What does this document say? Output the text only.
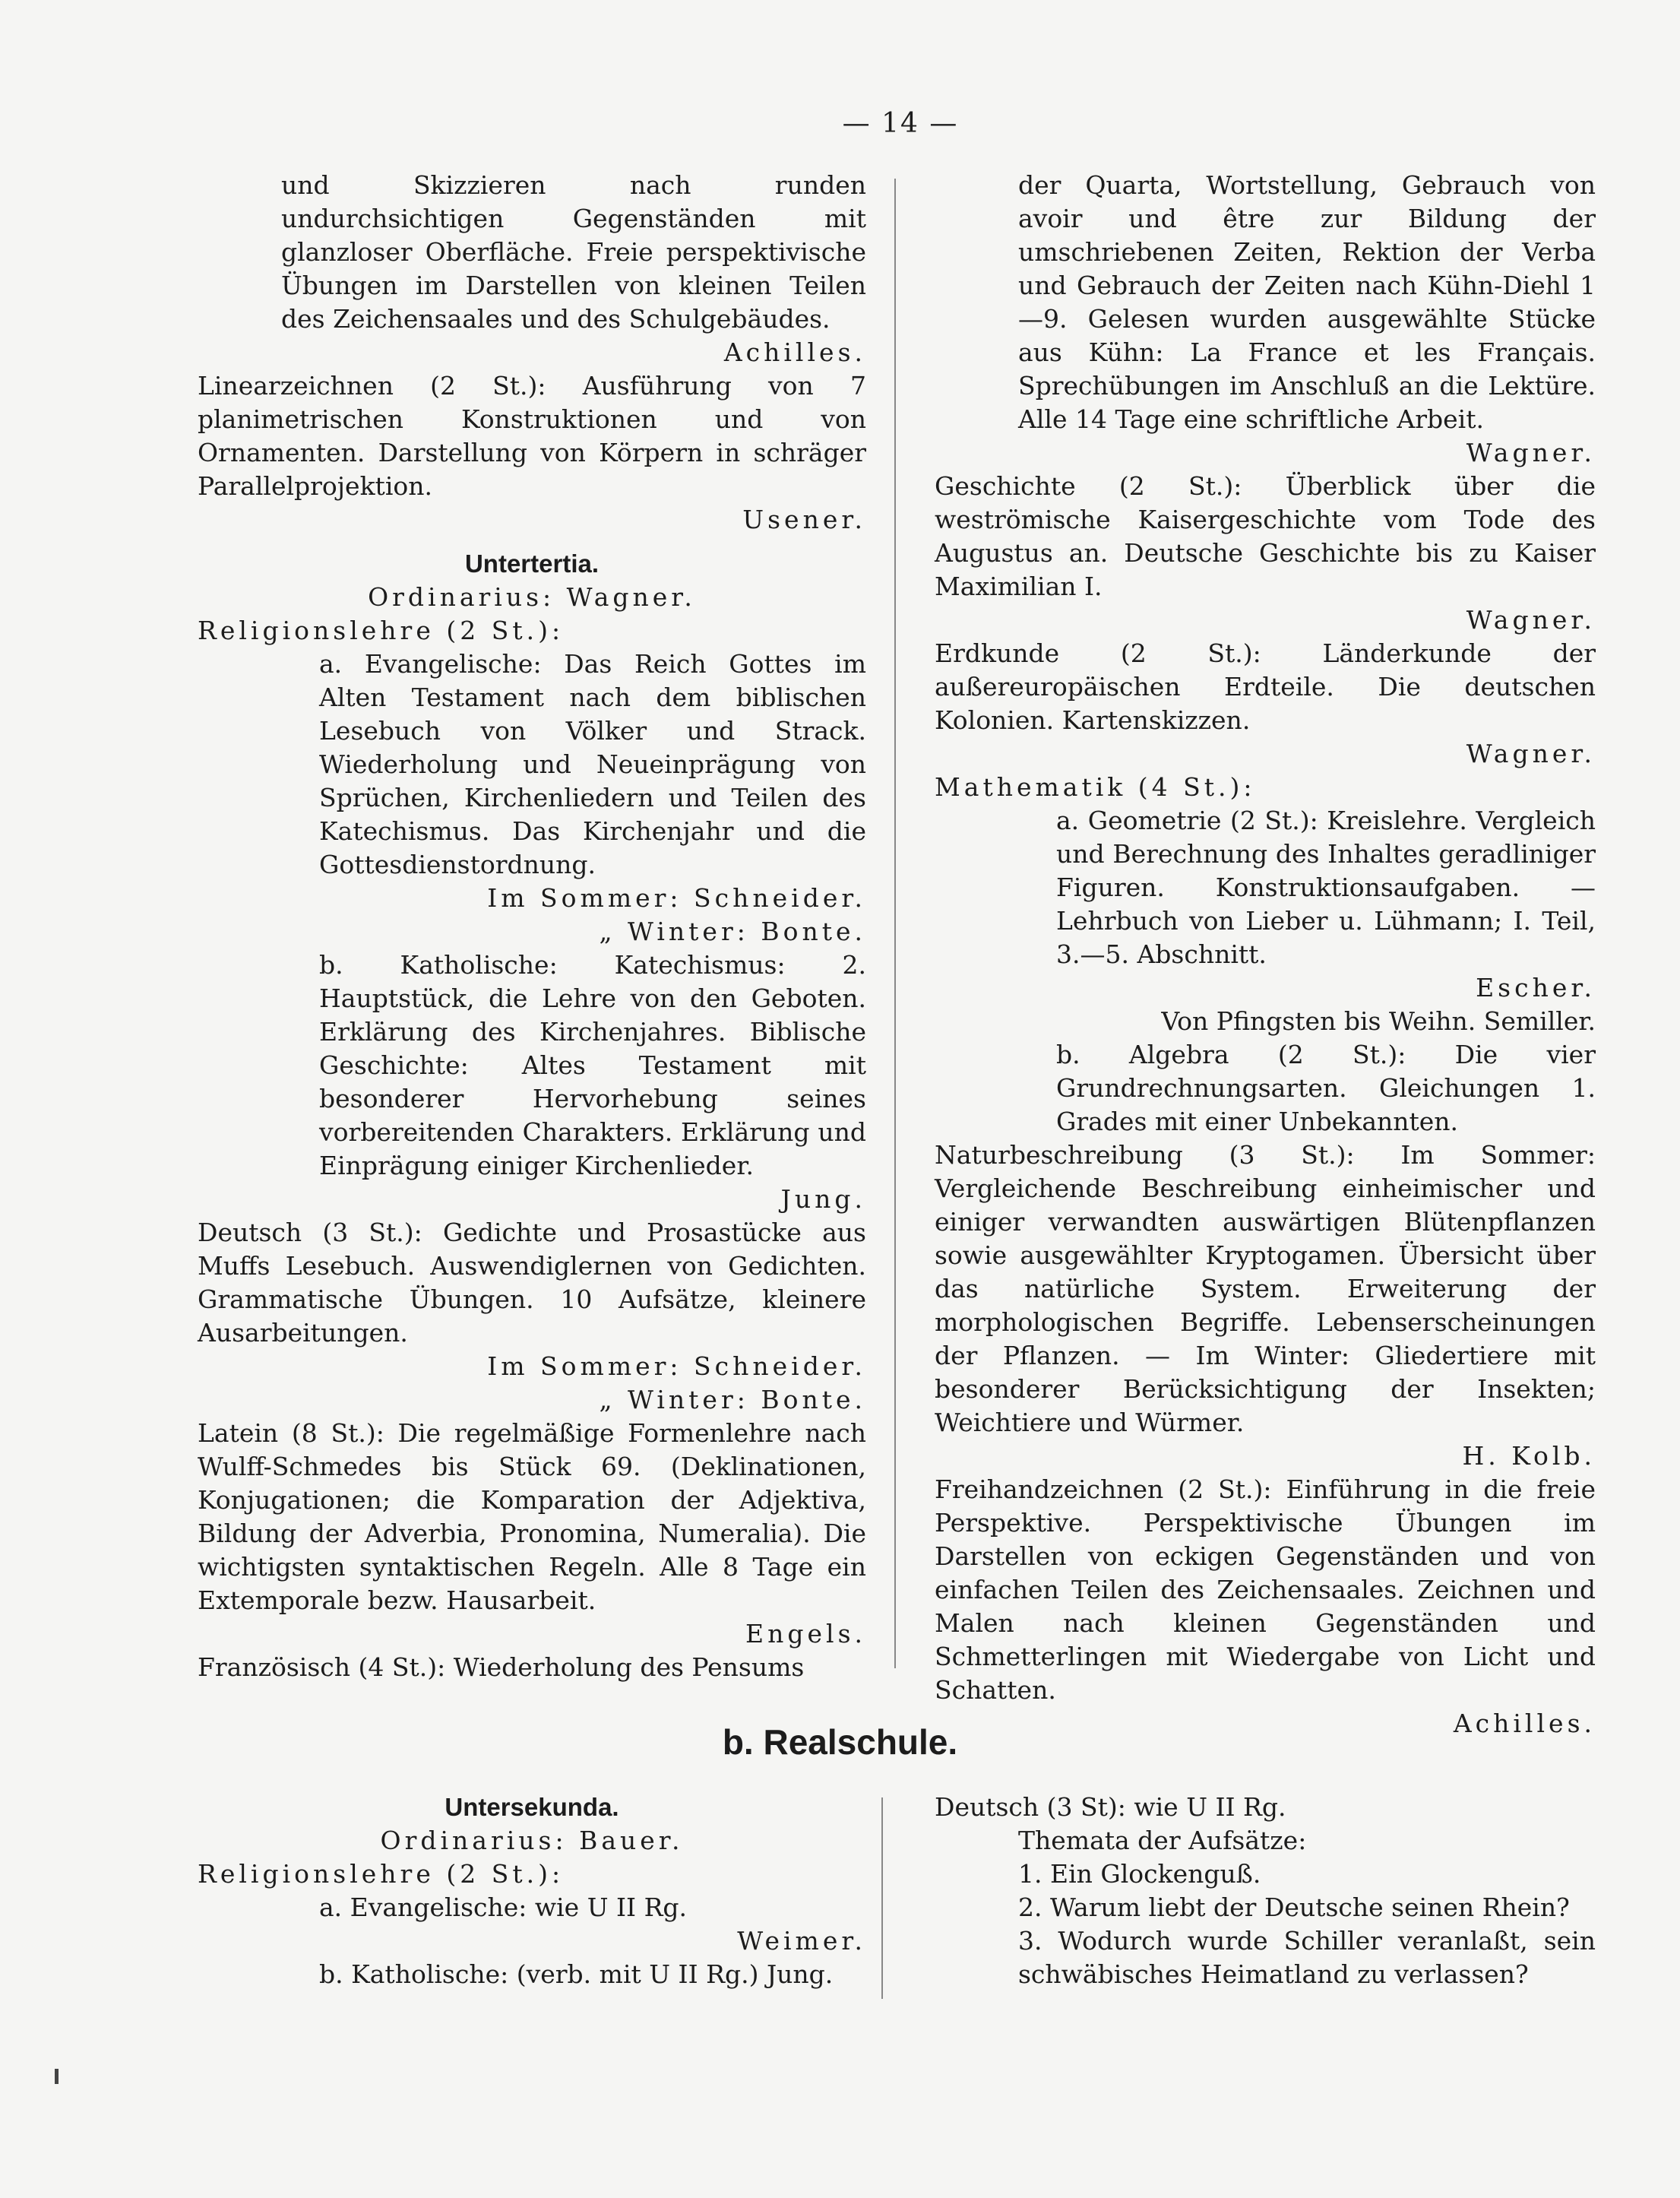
— 14 —

und Skizzieren nach runden undurchsichtigen Gegenständen mit glanzloser Oberfläche. Freie perspektivische Übungen im Darstellen von kleinen Teilen des Zeichensaales und des Schulgebäudes.

Achilles.

Linearzeichnen (2 St.): Ausführung von 7 planimetrischen Konstruktionen und von Ornamenten. Darstellung von Körpern in schräger Parallelprojektion.

Usener.

Untertertia.

Ordinarius: Wagner.

Religionslehre (2 St.):

a. Evangelische: Das Reich Gottes im Alten Testament nach dem biblischen Lesebuch von Völker und Strack. Wiederholung und Neueinprägung von Sprüchen, Kirchenliedern und Teilen des Katechismus. Das Kirchenjahr und die Gottesdienstordnung.

Im Sommer: Schneider.

„ Winter: Bonte.

b. Katholische: Katechismus: 2. Hauptstück, die Lehre von den Geboten. Erklärung des Kirchenjahres. Biblische Geschichte: Altes Testament mit besonderer Hervorhebung seines vorbereitenden Charakters. Erklärung und Einprägung einiger Kirchenlieder.

Jung.

Deutsch (3 St.): Gedichte und Prosastücke aus Muffs Lesebuch. Auswendiglernen von Gedichten. Grammatische Übungen. 10 Aufsätze, kleinere Ausarbeitungen.

Im Sommer: Schneider.

„ Winter: Bonte.

Latein (8 St.): Die regelmäßige Formenlehre nach Wulff-Schmedes bis Stück 69. (Deklinationen, Konjugationen; die Komparation der Adjektiva, Bildung der Adverbia, Pronomina, Numeralia). Die wichtigsten syntaktischen Regeln. Alle 8 Tage ein Extemporale bezw. Hausarbeit.

Engels.

Französisch (4 St.): Wiederholung des Pensums

der Quarta, Wortstellung, Gebrauch von avoir und être zur Bildung der umschriebenen Zeiten, Rektion der Verba und Gebrauch der Zeiten nach Kühn-Diehl 1—9. Gelesen wurden ausgewählte Stücke aus Kühn: La France et les Français. Sprechübungen im Anschluß an die Lektüre. Alle 14 Tage eine schriftliche Arbeit.

Wagner.

Geschichte (2 St.): Überblick über die weströmische Kaisergeschichte vom Tode des Augustus an. Deutsche Geschichte bis zu Kaiser Maximilian I.

Wagner.

Erdkunde (2 St.): Länderkunde der außereuropäischen Erdteile. Die deutschen Kolonien. Kartenskizzen.

Wagner.

Mathematik (4 St.):

a. Geometrie (2 St.): Kreislehre. Vergleich und Berechnung des Inhaltes geradliniger Figuren. Konstruktionsaufgaben. — Lehrbuch von Lieber u. Lühmann; I. Teil, 3.—5. Abschnitt.

Escher.

Von Pfingsten bis Weihn. Semiller.

b. Algebra (2 St.): Die vier Grundrechnungsarten. Gleichungen 1. Grades mit einer Unbekannten.

Naturbeschreibung (3 St.): Im Sommer: Vergleichende Beschreibung einheimischer und einiger verwandten auswärtigen Blütenpflanzen sowie ausgewählter Kryptogamen. Übersicht über das natürliche System. Erweiterung der morphologischen Begriffe. Lebenserscheinungen der Pflanzen. — Im Winter: Gliedertiere mit besonderer Berücksichtigung der Insekten; Weichtiere und Würmer.

H. Kolb.

Freihandzeichnen (2 St.): Einführung in die freie Perspektive. Perspektivische Übungen im Darstellen von eckigen Gegenständen und von einfachen Teilen des Zeichensaales. Zeichnen und Malen nach kleinen Gegenständen und Schmetterlingen mit Wiedergabe von Licht und Schatten.

Achilles.

b. Realschule.

Untersekunda.

Ordinarius: Bauer.

Religionslehre (2 St.):

a. Evangelische: wie U II Rg.

Weimer.

b. Katholische: (verb. mit U II Rg.) Jung.

Deutsch (3 St): wie U II Rg.

Themata der Aufsätze:

1. Ein Glockenguß.

2. Warum liebt der Deutsche seinen Rhein?

3. Wodurch wurde Schiller veranlaßt, sein schwäbisches Heimatland zu verlassen?
